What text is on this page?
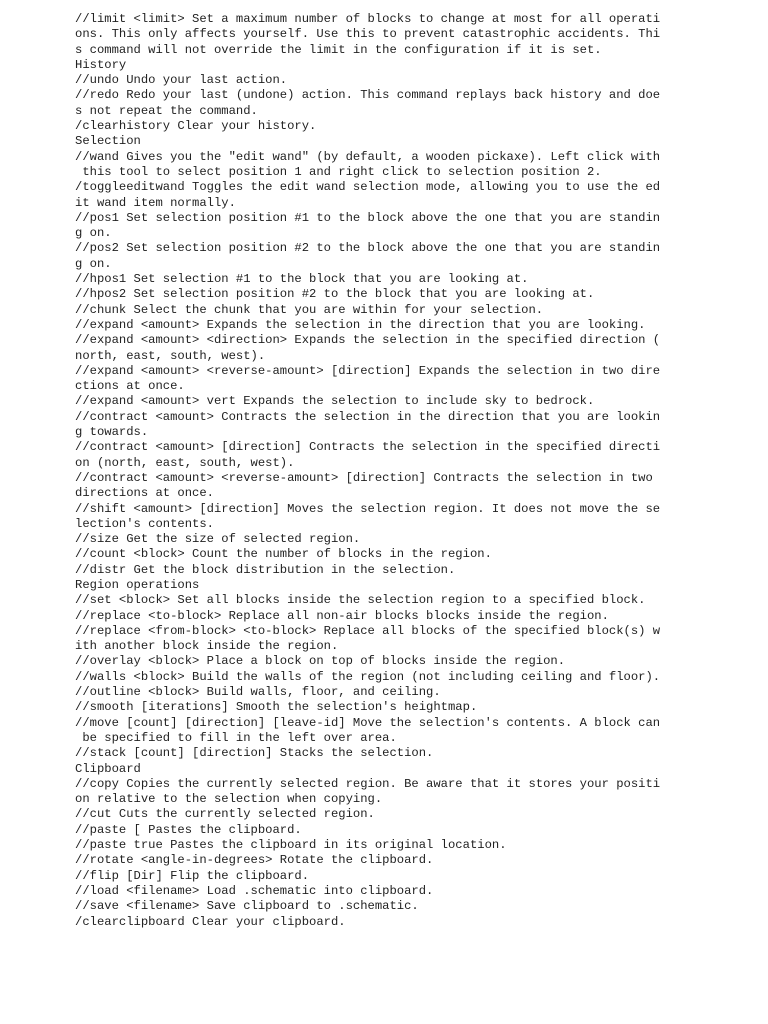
//limit <limit> Set a maximum number of blocks to change at most for all operati
ons. This only affects yourself. Use this to prevent catastrophic accidents. Thi
s command will not override the limit in the configuration if it is set.
History
//undo Undo your last action.
//redo Redo your last (undone) action. This command replays back history and doe
s not repeat the command.
/clearhistory Clear your history.
Selection
//wand Gives you the "edit wand" (by default, a wooden pickaxe). Left click with
this tool to select position 1 and right click to selection position 2.
/toggleeditwand Toggles the edit wand selection mode, allowing you to use the ed
it wand item normally.
//pos1 Set selection position #1 to the block above the one that you are standin
g on.
//pos2 Set selection position #2 to the block above the one that you are standin
g on.
//hpos1 Set selection #1 to the block that you are looking at.
//hpos2 Set selection position #2 to the block that you are looking at.
//chunk Select the chunk that you are within for your selection.
//expand <amount> Expands the selection in the direction that you are looking.
//expand <amount> <direction> Expands the selection in the specified direction (
north, east, south, west).
//expand <amount> <reverse-amount> [direction] Expands the selection in two dire
ctions at once.
//expand <amount> vert Expands the selection to include sky to bedrock.
//contract <amount> Contracts the selection in the direction that you are lookin
g towards.
//contract <amount> [direction] Contracts the selection in the specified directi
on (north, east, south, west).
//contract <amount> <reverse-amount> [direction] Contracts the selection in two
directions at once.
//shift <amount> [direction] Moves the selection region. It does not move the se
lection's contents.
//size Get the size of selected region.
//count <block> Count the number of blocks in the region.
//distr Get the block distribution in the selection.
Region operations
//set <block> Set all blocks inside the selection region to a specified block.
//replace <to-block> Replace all non-air blocks blocks inside the region.
//replace <from-block> <to-block> Replace all blocks of the specified block(s) w
ith another block inside the region.
//overlay <block> Place a block on top of blocks inside the region.
//walls <block> Build the walls of the region (not including ceiling and floor).
//outline <block> Build walls, floor, and ceiling.
//smooth [iterations] Smooth the selection's heightmap.
//move [count] [direction] [leave-id] Move the selection's contents. A block can
be specified to fill in the left over area.
//stack [count] [direction] Stacks the selection.
Clipboard
//copy Copies the currently selected region. Be aware that it stores your positi
on relative to the selection when copying.
//cut Cuts the currently selected region.
//paste [ Pastes the clipboard.
//paste true Pastes the clipboard in its original location.
//rotate <angle-in-degrees> Rotate the clipboard.
//flip [Dir] Flip the clipboard.
//load <filename> Load .schematic into clipboard.
//save <filename> Save clipboard to .schematic.
/clearclipboard Clear your clipboard.
